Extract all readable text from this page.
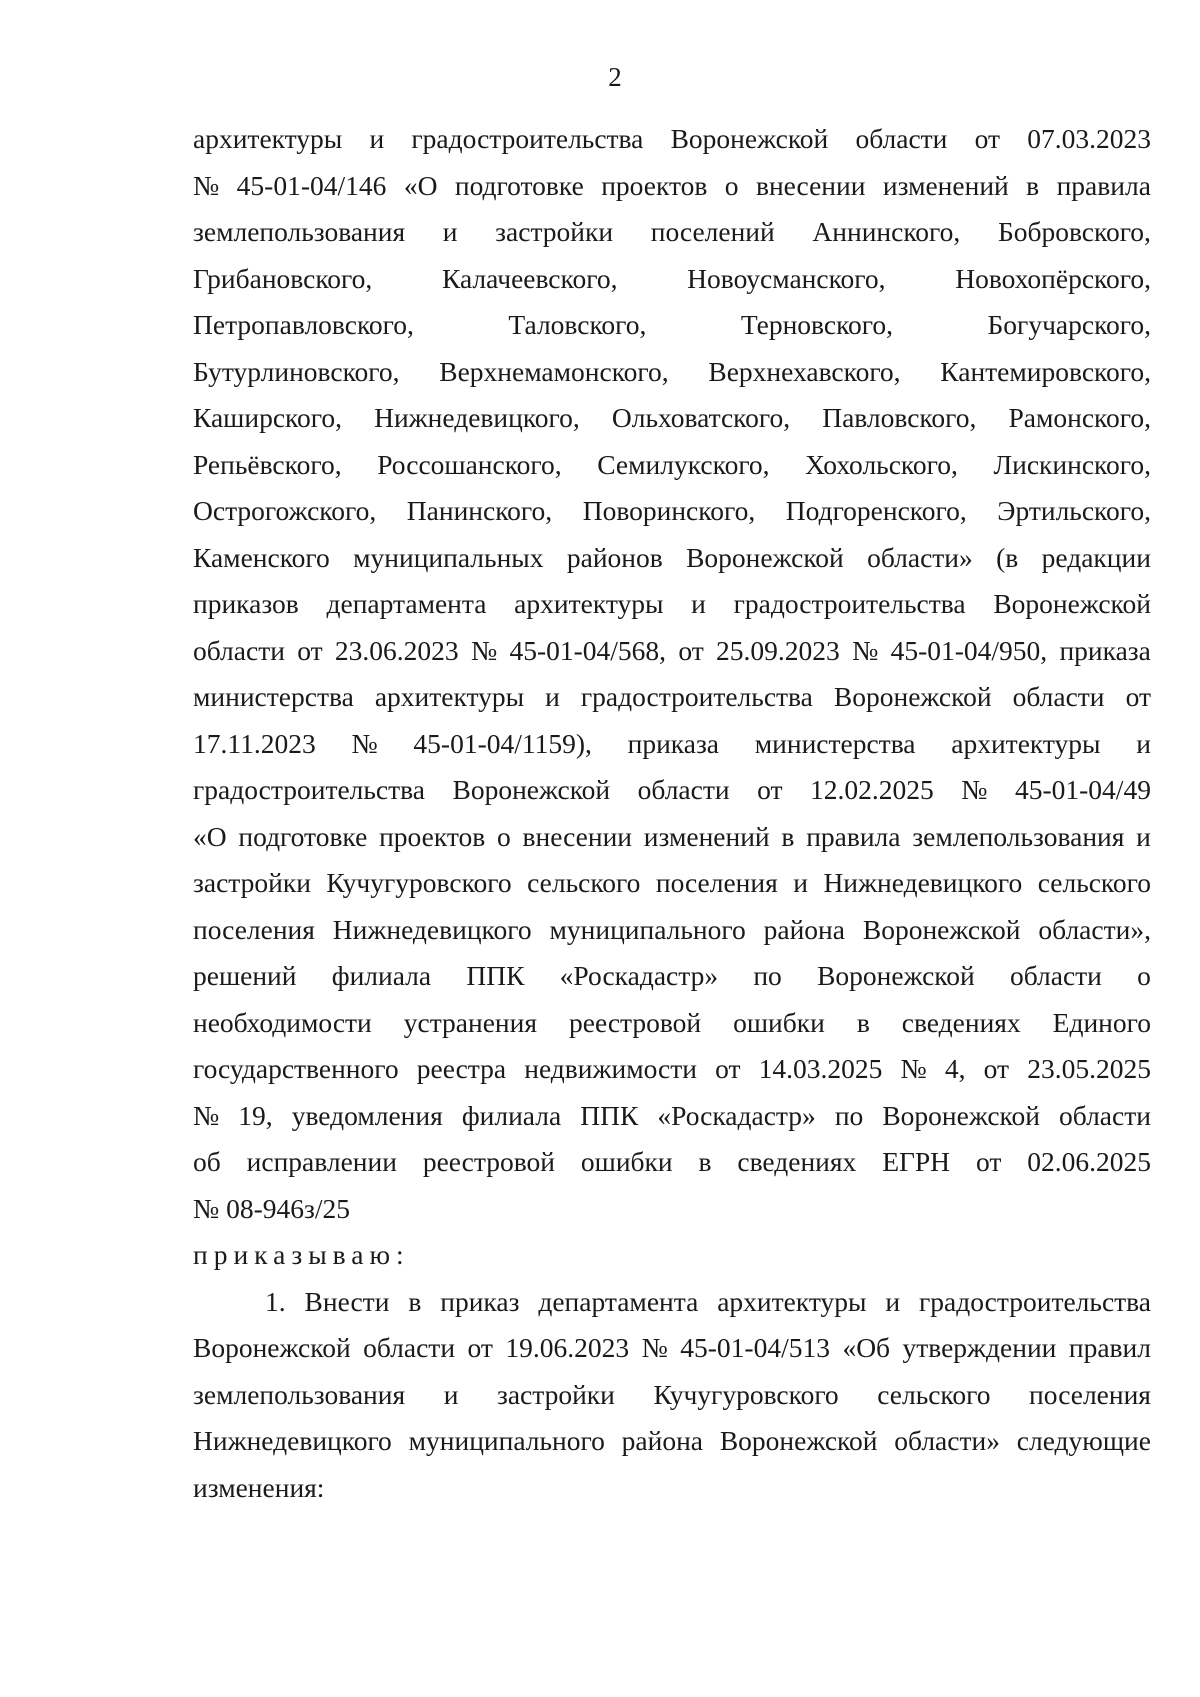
2
архитектуры и градостроительства Воронежской области от 07.03.2023
№ 45-01-04/146 «О подготовке проектов о внесении изменений в правила
землепользования и застройки поселений Аннинского, Бобровского,
Грибановского,	Калачеевского,	Новоусманского,	Новохопёрского,
Петропавловского,	Таловского,	Терновского,	Богучарского,
Бутурлиновского, Верхнемамонского, Верхнехавского, Кантемировского,
Каширского, Нижнедевицкого, Ольховатского, Павловского, Рамонского,
Репьёвского, Россошанского, Семилукского, Хохольского, Лискинского,
Острогожского, Панинского, Поворинского, Подгоренского, Эртильского,
Каменского муниципальных районов Воронежской области» (в редакции
приказов департамента архитектуры и градостроительства Воронежской
области от 23.06.2023 № 45-01-04/568, от 25.09.2023 № 45-01-04/950, приказа
министерства архитектуры и градостроительства Воронежской области от
17.11.2023 № 45-01-04/1159), приказа министерства архитектуры и
градостроительства Воронежской области от 12.02.2025 № 45-01-04/49
«О подготовке проектов о внесении изменений в правила землепользования и
застройки Кучугуровского сельского поселения и Нижнедевицкого сельского
поселения Нижнедевицкого муниципального района Воронежской области»,
решений филиала ППК «Роскадастр» по Воронежской области о
необходимости устранения реестровой ошибки в сведениях Единого
государственного реестра недвижимости от 14.03.2025 № 4, от 23.05.2025
№ 19, уведомления филиала ППК «Роскадастр» по Воронежской области
об исправлении реестровой ошибки в сведениях ЕГРН от 02.06.2025
№ 08-946з/25
приказываю:
1. Внести в приказ департамента архитектуры и градостроительства
Воронежской области от 19.06.2023 № 45-01-04/513 «Об утверждении правил
землепользования и застройки Кучугуровского сельского поселения
Нижнедевицкого муниципального района Воронежской области» следующие
изменения:
